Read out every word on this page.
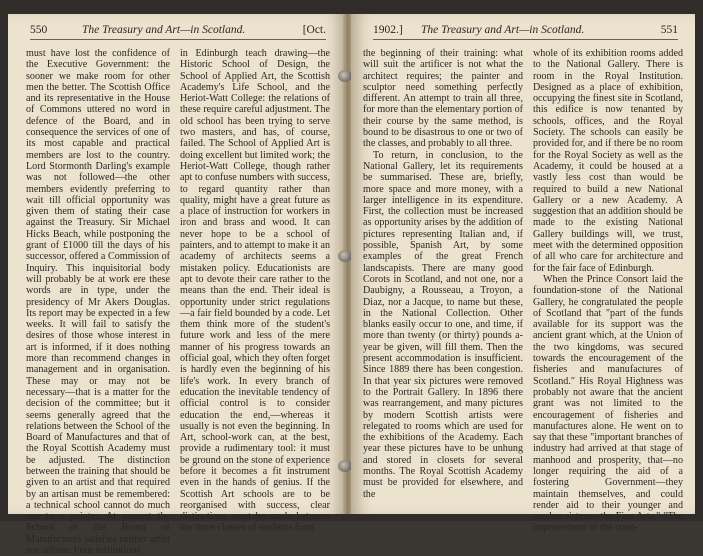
550	The Treasury and Art—in Scotland.	[Oct.

must have lost the confidence of the Executive Government: the sooner we make room for other men the better. The Scottish Office and its representative in the House of Commons uttered no word in defence of the Board, and in consequence the services of one of its most capable and practical members are lost to the country. Lord Stormonth Darling's example was not followed—the other members evidently preferring to wait till official opportunity was given them of stating their case against the Treasury. Sir Michael Hicks Beach, while postponing the grant of £1000 till the days of his successor, offered a Commission of Inquiry. This inquisitorial body will probably be at work ere these words are in type, under the presidency of Mr Akers Douglas. Its report may be expected in a few weeks. It will fail to satisfy the desires of those whose interest in art is informed, if it does nothing more than recommend changes in management and in organisation. These may or may not be necessary—that is a matter for the decision of the committee; but it seems generally agreed that the relations between the School of the Board of Manufactures and that of the Royal Scottish Academy must be adjusted. The distinction between the training that should be given to an artist and that required by an artisan must be remembered: a technical school cannot do much use to a painter. At present the School of the Board of Manufactures satisfies neither artist nor artisan. Four institutions

in Edinburgh teach drawing—the Historic School of Design, the School of Applied Art, the Scottish Academy's Life School, and the Heriot-Watt College: the relations of these require careful adjustment. The old school has been trying to serve two masters, and has, of course, failed. The School of Applied Art is doing excellent but limited work; the Heriot-Watt College, though rather apt to confuse numbers with success, to regard quantity rather than quality, might have a great future as a place of instruction for workers in iron and brass and wood. It can never hope to be a school of painters, and to attempt to make it an academy of architects seems a mistaken policy. Educationists are apt to devote their care rather to the means than the end. Their ideal is opportunity under strict regulations—a fair field bounded by a code. Let them think more of the student's future work and less of the mere manner of his progress towards an official goal, which they often forget is hardly even the beginning of his life's work. In every branch of education the inevitable tendency of official control is to consider education the end,—whereas it usually is not even the beginning. In Art, school-work can, at the best, provide a rudimentary tool: it must be ground on the stone of experience before it becomes a fit instrument even in the hands of genius. If the Scottish Art schools are to be reorganised with success, clear distinctions must be made between the three classes of students from

1902.] The Treasury and Art—in Scotland.	551

the beginning of their training: what will suit the artificer is not what the architect requires; the painter and sculptor need something perfectly different. An attempt to train all three, for more than the elementary portion of their course by the same method, is bound to be disastrous to one or two of the classes, and probably to all three.

To return, in conclusion, to the National Gallery, let its requirements be summarised. These are, briefly, more space and more money, with a larger intelligence in its expenditure. First, the collection must be increased as opportunity arises by the addition of pictures representing Italian and, if possible, Spanish Art, by some examples of the great French landscapists. There are many good Corots in Scotland, and not one, nor a Daubigny, a Rousseau, a Troyon, a Diaz, nor a Jacque, to name but these, in the National Collection. Other blanks easily occur to one, and time, if more than twenty (or thirty) pounds a-year be given, will fill them. Then the present accommodation is insufficient. Since 1889 there has been congestion. In that year six pictures were removed to the Portrait Gallery. In 1896 there was rearrangement, and many pictures by modern Scottish artists were relegated to rooms which are used for the exhibitions of the Academy. Each year these pictures have to be unhung and stored in closets for several months. The Royal Scottish Academy must be provided for elsewhere, and the

whole of its exhibition rooms added to the National Gallery. There is room in the Royal Institution. Designed as a place of exhibition, occupying the finest site in Scotland, this edifice is now tenanted by schools, offices, and the Royal Society. The schools can easily be provided for, and if there be no room for the Royal Society as well as the Academy, it could be housed at a vastly less cost than would be required to build a new National Gallery or a new Academy. A suggestion that an addition should be made to the existing National Gallery buildings will, we trust, meet with the determined opposition of all who care for architecture and for the fair face of Edinburgh.

When the Prince Consort laid the foundation-stone of the National Gallery, he congratulated the people of Scotland that "part of the funds available for its support was the ancient grant which, at the Union of the two kingdoms, was secured towards the encouragement of the fisheries and manufactures of Scotland." His Royal Highness was probably not aware that the ancient grant was not limited to the encouragement of fisheries and manufactures alone. He went on to say that these "important branches of industry had arrived at that stage of manhood and prosperity, that—no longer requiring the aid of a fostering Government—they maintain themselves, and could render aid to their younger and weaker sisters—the Fine Arts." "The improvement of the coun-
